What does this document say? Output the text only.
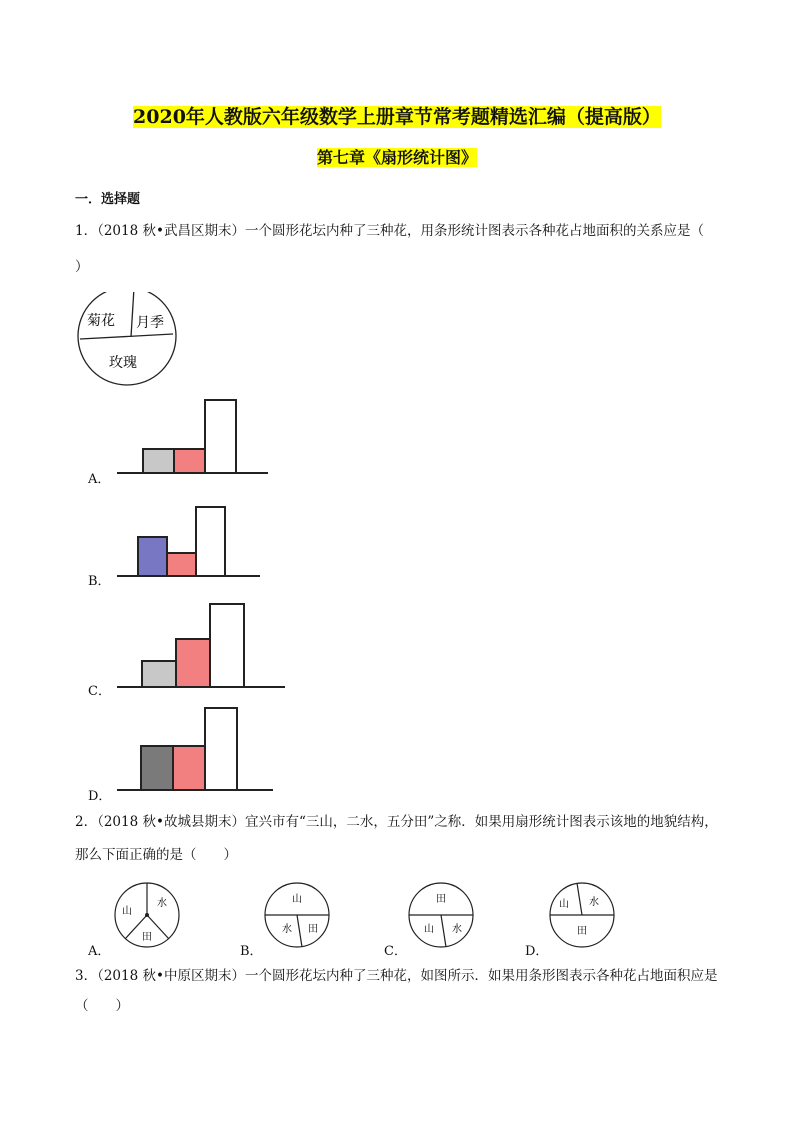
2020年人教版六年级数学上册章节常考题精选汇编（提高版）
第七章《扇形统计图》
一．选择题
1．（2018 秋•武昌区期末）一个圆形花坛内种了三种花，用条形统计图表示各种花占地面积的关系应是（
）
菊花 月季
玫瑰
A．
B．
C．
D．
2．（2018 秋•故城县期末）宜兴市有“三山，二水，五分田”之称．如果用扇形统计图表示该地的地貌结构，
那么下面正确的是（　　）
A．
山
水
田
B．
山
水 田
C．
田
山 水
D．
山 水
田
3．（2018 秋•中原区期末）一个圆形花坛内种了三种花，如图所示．如果用条形图表示各种花占地面积应是
（　　）
